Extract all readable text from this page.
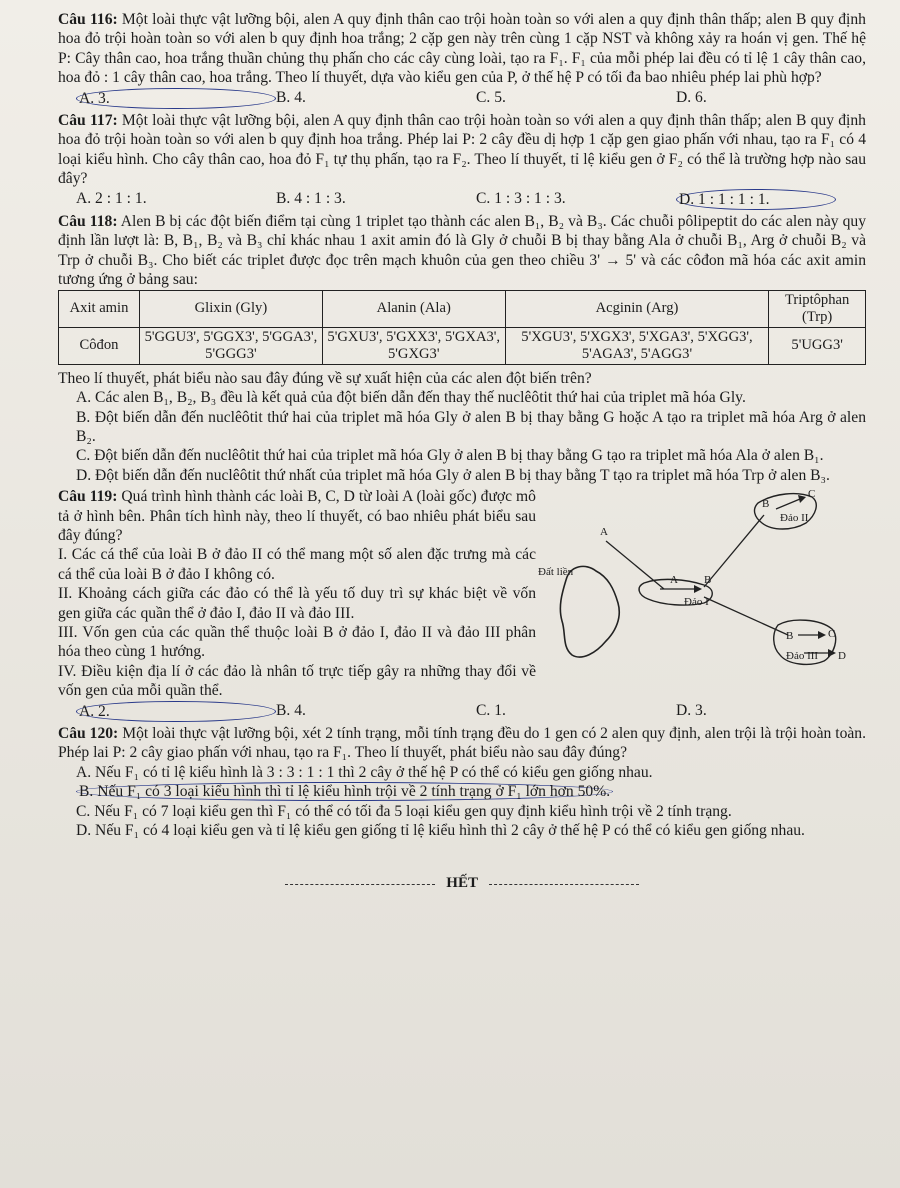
Câu 116: Một loài thực vật lưỡng bội, alen A quy định thân cao trội hoàn toàn so với alen a quy định thân thấp; alen B quy định hoa đỏ trội hoàn toàn so với alen b quy định hoa trắng; 2 cặp gen này trên cùng 1 cặp NST và không xảy ra hoán vị gen. Thế hệ P: Cây thân cao, hoa trắng thuần chủng thụ phấn cho các cây cùng loài, tạo ra F₁. F₁ của mỗi phép lai đều có tỉ lệ 1 cây thân cao, hoa đỏ : 1 cây thân cao, hoa trắng. Theo lí thuyết, dựa vào kiểu gen của P, ở thế hệ P có tối đa bao nhiêu phép lai phù hợp?

A. 3.	B. 4.	C. 5.	D. 6.

Câu 117: Một loài thực vật lưỡng bội, alen A quy định thân cao trội hoàn toàn so với alen a quy định thân thấp; alen B quy định hoa đỏ trội hoàn toàn so với alen b quy định hoa trắng. Phép lai P: 2 cây đều dị hợp 1 cặp gen giao phấn với nhau, tạo ra F₁ có 4 loại kiểu hình. Cho cây thân cao, hoa đỏ F₁ tự thụ phấn, tạo ra F₂. Theo lí thuyết, tỉ lệ kiểu gen ở F₂ có thể là trường hợp nào sau đây?

A. 2 : 1 : 1.	B. 4 : 1 : 3.	C. 1 : 3 : 1 : 3.	D. 1 : 1 : 1 : 1.

Câu 118: Alen B bị các đột biến điểm tại cùng 1 triplet tạo thành các alen B₁, B₂ và B₃. Các chuỗi pôlipeptit do các alen này quy định lần lượt là: B, B₁, B₂ và B₃ chỉ khác nhau 1 axit amin đó là Gly ở chuỗi B bị thay bằng Ala ở chuỗi B₁, Arg ở chuỗi B₂ và Trp ở chuỗi B₃. Cho biết các triplet được đọc trên mạch khuôn của gen theo chiều 3' → 5' và các côđon mã hóa các axit amin tương ứng ở bảng sau:

Axit amin	Glixin (Gly)	Alanin (Ala)	Acginin (Arg)	Triptôphan (Trp)
Côđon	5'GGU3', 5'GGX3', 5'GGA3', 5'GGG3'	5'GXU3', 5'GXX3', 5'GXA3', 5'GXG3'	5'XGU3', 5'XGX3', 5'XGA3', 5'XGG3', 5'AGA3', 5'AGG3'	5'UGG3'

Theo lí thuyết, phát biểu nào sau đây đúng về sự xuất hiện của các alen đột biến trên?

A. Các alen B₁, B₂, B₃ đều là kết quả của đột biến dẫn đến thay thế nuclêôtit thứ hai của triplet mã hóa Gly.

B. Đột biến dẫn đến nuclêôtit thứ hai của triplet mã hóa Gly ở alen B bị thay bằng G hoặc A tạo ra triplet mã hóa Arg ở alen B₂.

C. Đột biến dẫn đến nuclêôtit thứ hai của triplet mã hóa Gly ở alen B bị thay bằng G tạo ra triplet mã hóa Ala ở alen B₁.

D. Đột biến dẫn đến nuclêôtit thứ nhất của triplet mã hóa Gly ở alen B bị thay bằng T tạo ra triplet mã hóa Trp ở alen B₃.

Câu 119: Quá trình hình thành các loài B, C, D từ loài A (loài gốc) được mô tả ở hình bên. Phân tích hình này, theo lí thuyết, có bao nhiêu phát biểu sau đây đúng?

I. Các cá thể của loài B ở đảo II có thể mang một số alen đặc trưng mà các cá thể của loài B ở đảo I không có.

II. Khoảng cách giữa các đảo có thể là yếu tố duy trì sự khác biệt về vốn gen giữa các quần thể ở đảo I, đảo II và đảo III.

III. Vốn gen của các quần thể thuộc loài B ở đảo I, đảo II và đảo III phân hóa theo cùng 1 hướng.

IV. Điều kiện địa lí ở các đảo là nhân tố trực tiếp gây ra những thay đổi về vốn gen của mỗi quần thể.

Đất liền
A
A B
Đảo I
B
C
Đảo II
B	C
Đảo III D
A. 2.	B. 4.	C. 1.	D. 3.

Câu 120: Một loài thực vật lưỡng bội, xét 2 tính trạng, mỗi tính trạng đều do 1 gen có 2 alen quy định, alen trội là trội hoàn toàn. Phép lai P: 2 cây giao phấn với nhau, tạo ra F₁. Theo lí thuyết, phát biểu nào sau đây đúng?

A. Nếu F₁ có tỉ lệ kiểu hình là 3 : 3 : 1 : 1 thì 2 cây ở thế hệ P có thể có kiểu gen giống nhau.

B. Nếu F₁ có 3 loại kiểu hình thì tỉ lệ kiểu hình trội về 2 tính trạng ở F₁ lớn hơn 50%.

C. Nếu F₁ có 7 loại kiểu gen thì F₁ có thể có tối đa 5 loại kiểu gen quy định kiểu hình trội về 2 tính trạng.

D. Nếu F₁ có 4 loại kiểu gen và tỉ lệ kiểu gen giống tỉ lệ kiểu hình thì 2 cây ở thế hệ P có thể có kiểu gen giống nhau.

HẾT
